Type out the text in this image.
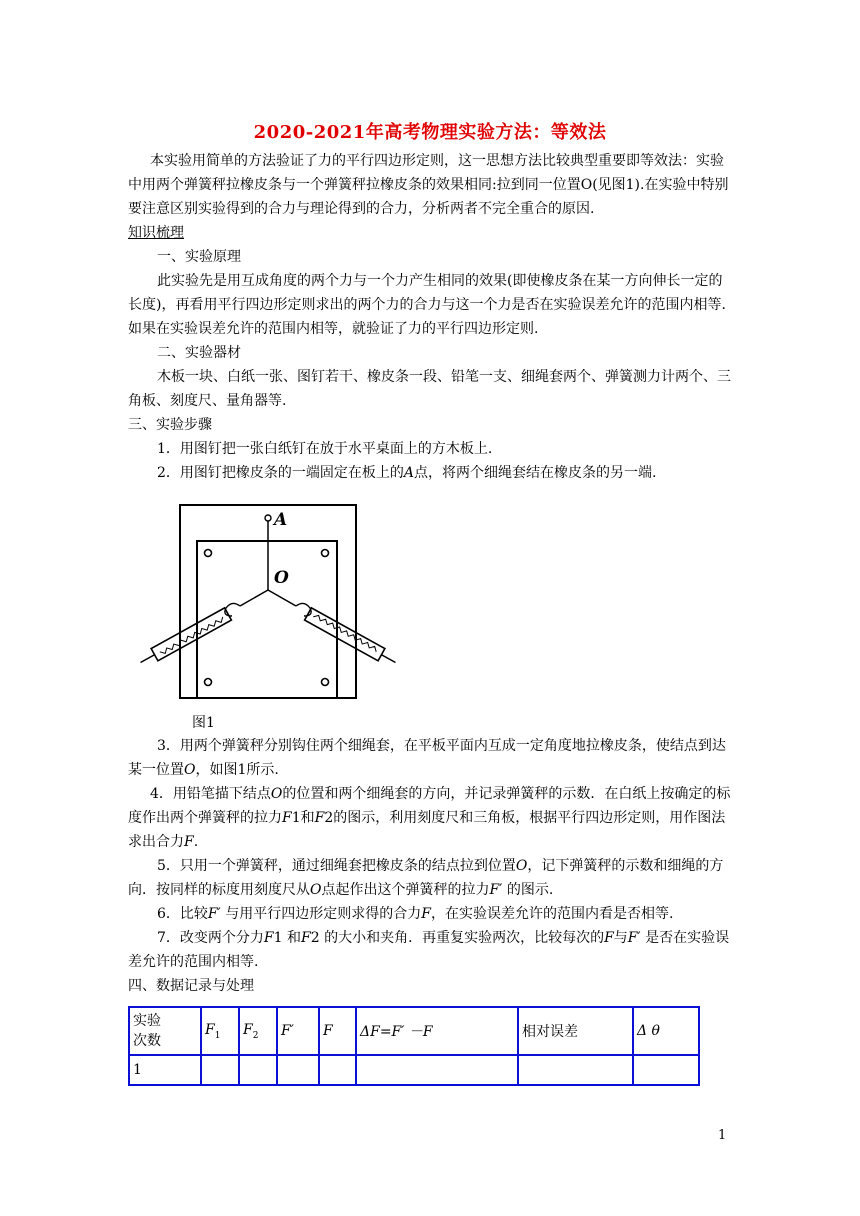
2020-2021年高考物理实验方法：等效法

本实验用简单的方法验证了力的平行四边形定则，这一思想方法比较典型重要即等效法：实验中用两个弹簧秤拉橡皮条与一个弹簧秤拉橡皮条的效果相同:拉到同一位置O(见图1).在实验中特别要注意区别实验得到的合力与理论得到的合力，分析两者不完全重合的原因.

知识梳理

一、实验原理

此实验先是用互成角度的两个力与一个力产生相同的效果(即使橡皮条在某一方向伸长一定的长度)，再看用平行四边形定则求出的两个力的合力与这一个力是否在实验误差允许的范围内相等. 如果在实验误差允许的范围内相等，就验证了力的平行四边形定则.

二、实验器材

木板一块、白纸一张、图钉若干、橡皮条一段、铅笔一支、细绳套两个、弹簧测力计两个、三角板、刻度尺、量角器等.

三、实验步骤

1．用图钉把一张白纸钉在放于水平桌面上的方木板上.

2．用图钉把橡皮条的一端固定在板上的A点，将两个细绳套结在橡皮条的另一端.

A
O
图1

3．用两个弹簧秤分别钩住两个细绳套，在平板平面内互成一定角度地拉橡皮条，使结点到达某一位置O，如图1所示.

4．用铅笔描下结点O的位置和两个细绳套的方向，并记录弹簧秤的示数．在白纸上按确定的标度作出两个弹簧秤的拉力F1和F2的图示，利用刻度尺和三角板，根据平行四边形定则，用作图法求出合力F.

5．只用一个弹簧秤，通过细绳套把橡皮条的结点拉到位置O，记下弹簧秤的示数和细绳的方向．按同样的标度用刻度尺从O点起作出这个弹簧秤的拉力F′ 的图示.

6．比较F′ 与用平行四边形定则求得的合力F，在实验误差允许的范围内看是否相等.

7．改变两个分力F1 和F2 的大小和夹角．再重复实验两次，比较每次的F与F′ 是否在实验误差允许的范围内相等.

四、数据记录与处理

实验
次数	$F_1$	$F_2$	F′	F	ΔF=F′ －F	相对误差	Δ θ
1							
1
